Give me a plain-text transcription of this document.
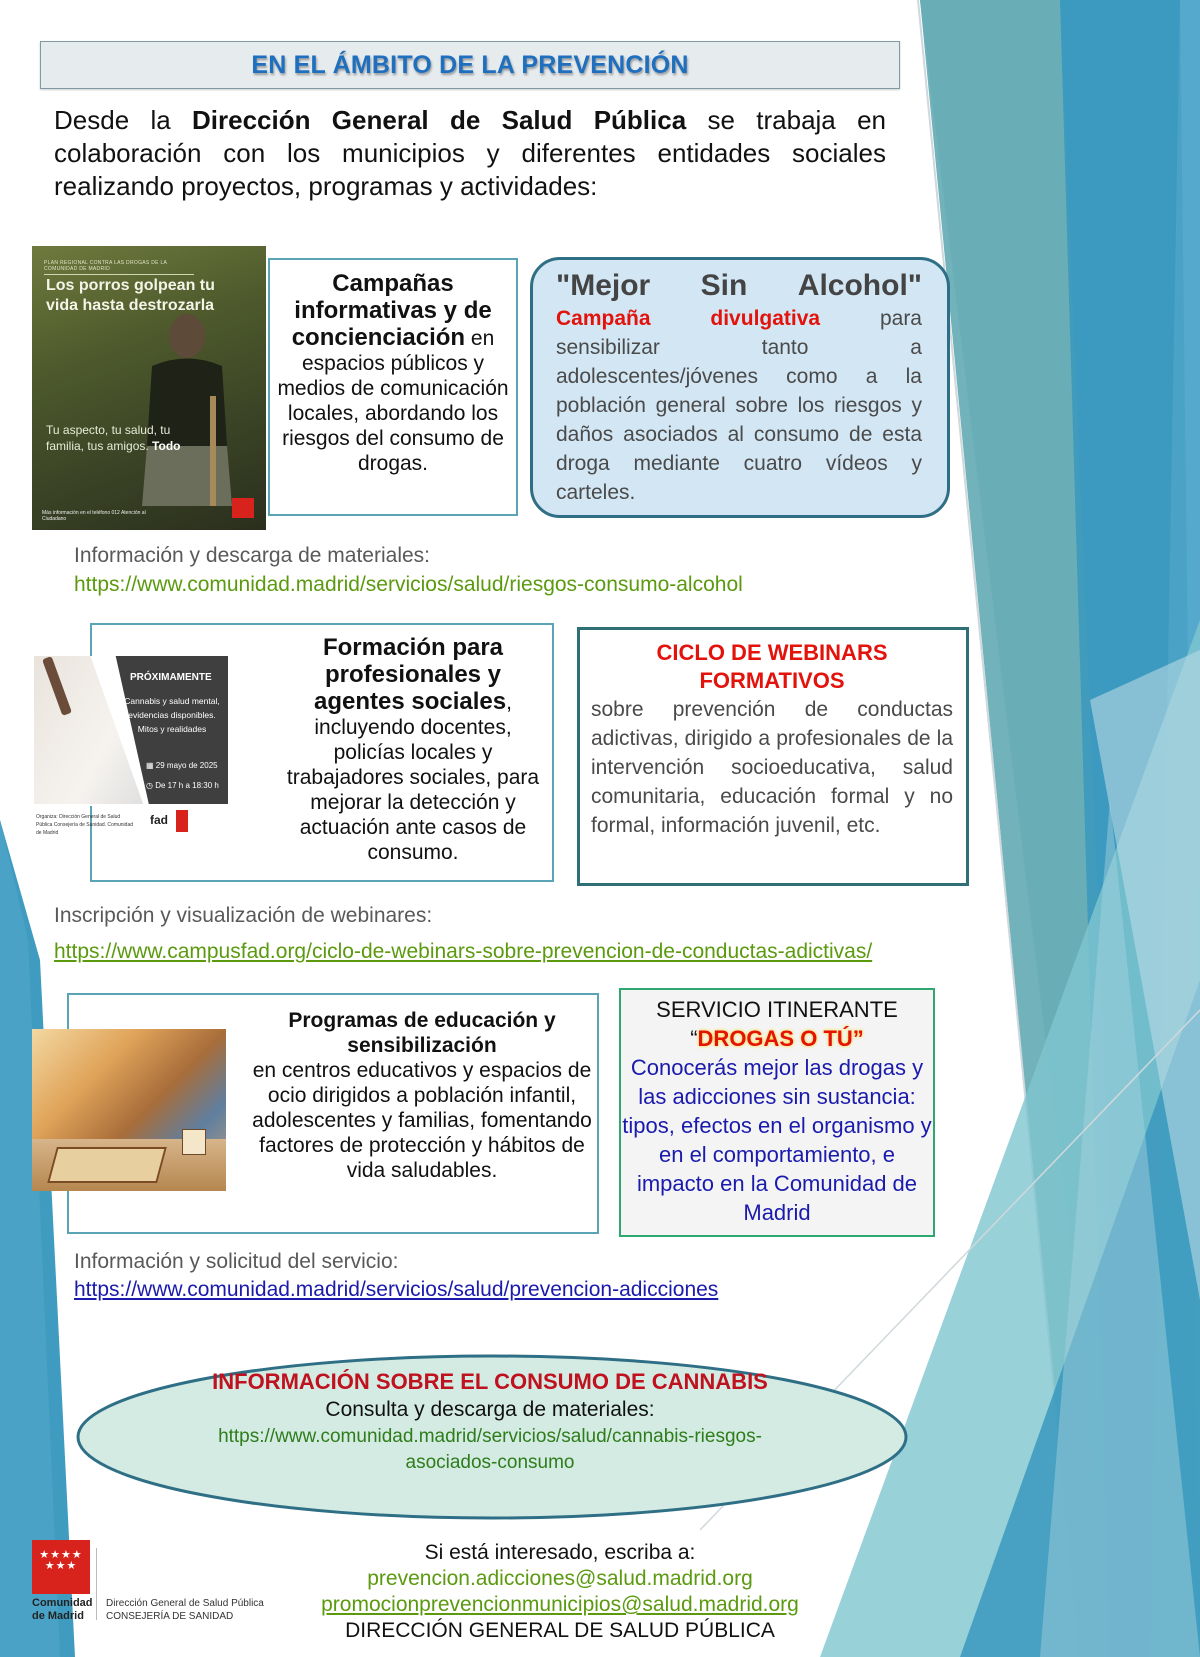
EN EL ÁMBITO DE LA PREVENCIÓN

Desde la Dirección General de Salud Pública se trabaja en colaboración con los municipios y diferentes entidades sociales realizando proyectos, programas y actividades:

PLAN REGIONAL CONTRA LAS DROGAS DE LA COMUNIDAD DE MADRID
Los porros golpean tu vida hasta destrozarla
Tu aspecto, tu salud, tu familia, tus amigos. Todo
Más información en el teléfono 012 Atención al Ciudadano
Campañas informativas y de concienciación en espacios públicos y medios de comunicación locales, abordando los riesgos del consumo de drogas.
"Mejor Sin Alcohol"
Campaña divulgativa para sensibilizar tanto a adolescentes/jóvenes como a la población general sobre los riesgos y daños asociados al consumo de esta droga mediante cuatro vídeos y carteles.
Información y descarga de materiales:
https://www.comunidad.madrid/servicios/salud/riesgos-consumo-alcohol
PRÓXIMAMENTE
Cannabis y salud mental, evidencias disponibles. Mitos y realidades
▦ 29 mayo de 2025
◷ De 17 h a 18:30 h
Organiza: Dirección General de Salud Pública Consejería de Sanidad. Comunidad de Madrid
fad
Formación para profesionales y agentes sociales, incluyendo docentes, policías locales y trabajadores sociales, para mejorar la detección y actuación ante casos de consumo.
CICLO DE WEBINARS FORMATIVOS
sobre prevención de conductas adictivas, dirigido a profesionales de la intervención socioeducativa, salud comunitaria, educación formal y no formal, información juvenil, etc.
Inscripción y visualización de webinares:
https://www.campusfad.org/ciclo-de-webinars-sobre-prevencion-de-conductas-adictivas/
Programas de educación y sensibilización
en centros educativos y espacios de ocio dirigidos a población infantil, adolescentes y familias, fomentando factores de protección y hábitos de vida saludables.
SERVICIO ITINERANTE
“DROGAS O TÚ”
Conocerás mejor las drogas y las adicciones sin sustancia: tipos, efectos en el organismo y en el comportamiento, e impacto en la Comunidad de Madrid
Información y solicitud del servicio:
https://www.comunidad.madrid/servicios/salud/prevencion-adicciones
INFORMACIÓN SOBRE EL CONSUMO DE CANNABIS
Consulta y descarga de materiales:
https://www.comunidad.madrid/servicios/salud/cannabis-riesgos-asociados-consumo
★★★★ ★★★
Comunidad de Madrid
Dirección General de Salud Pública
CONSEJERÍA DE SANIDAD
Si está interesado, escriba a:
prevencion.adicciones@salud.madrid.org
promocionprevencionmunicipios@salud.madrid.org
DIRECCIÓN GENERAL DE SALUD PÚBLICA
